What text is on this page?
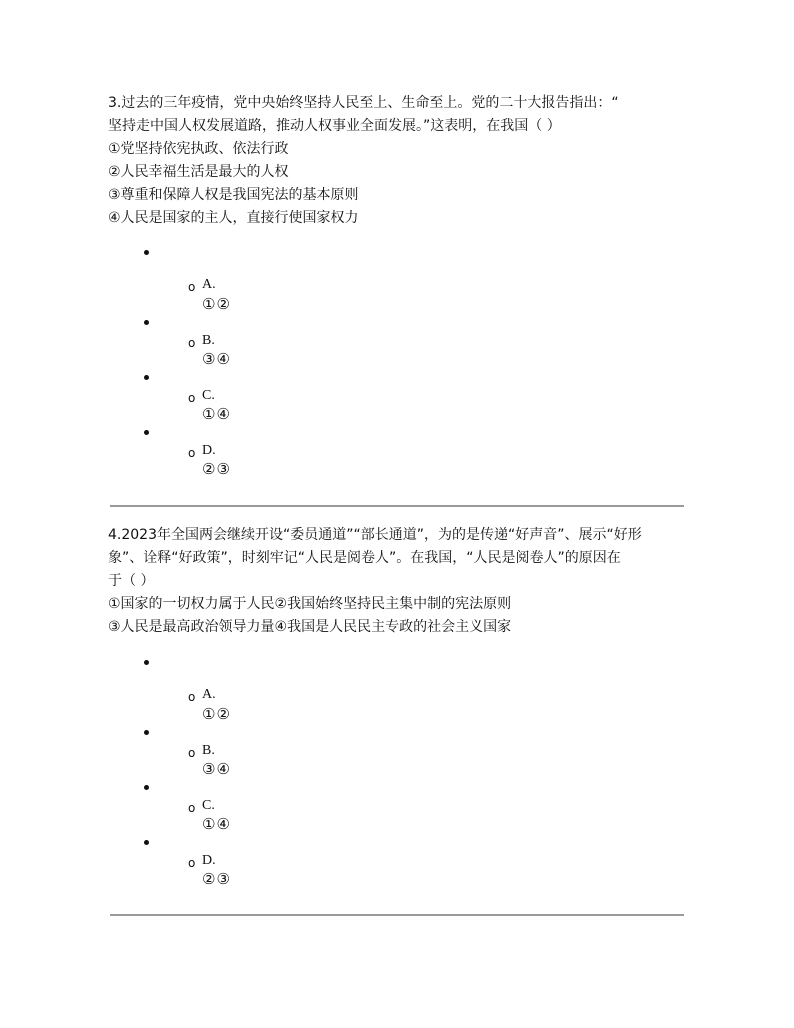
3.过去的三年疫情，党中央始终坚持人民至上、生命至上。党的二十大报告指出：“
坚持走中国人权发展道路，推动人权事业全面发展。”这表明，在我国（ ）
①党坚持依宪执政、依法行政
②人民幸福生活是最大的人权
③尊重和保障人权是我国宪法的基本原则
④人民是国家的主人，直接行使国家权力
o A.
①②
o B.
③④
o C.
①④
o D.
②③
4.2023年全国两会继续开设“委员通道”“部长通道”，为的是传递“好声音”、展示“好形
象”、诠释“好政策”，时刻牢记“人民是阅卷人”。在我国，“人民是阅卷人”的原因在
于（ ）
①国家的一切权力属于人民②我国始终坚持民主集中制的宪法原则
③人民是最高政治领导力量④我国是人民民主专政的社会主义国家
o A.
①②
o B.
③④
o C.
①④
o D.
②③
